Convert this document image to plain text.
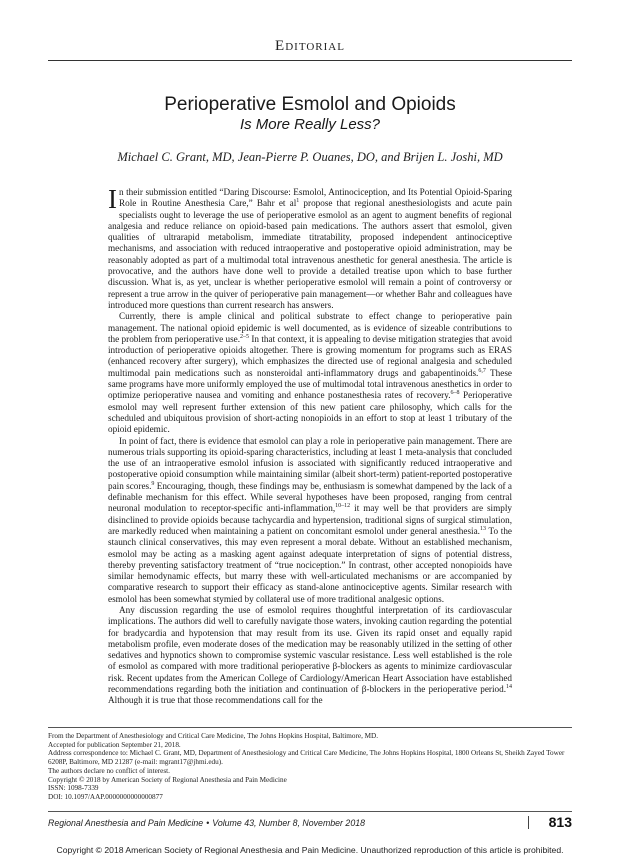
Editorial
Perioperative Esmolol and Opioids
Is More Really Less?
Michael C. Grant, MD, Jean-Pierre P. Ouanes, DO, and Brijen L. Joshi, MD

In their submission entitled “Daring Discourse: Esmolol, Antinociception, and Its Potential Opioid-Sparing Role in Routine Anesthesia Care,” Bahr et $al^1$ propose that regional anesthesiologists and acute pain specialists ought to leverage the use of perioperative esmolol as an agent to augment benefits of regional analgesia and reduce reliance on opioid-based pain medications. The authors assert that esmolol, given qualities of ultrarapid metabolism, immediate titratability, proposed independent antinociceptive mechanisms, and association with reduced intraoperative and postoperative opioid administration, may be reasonably adopted as part of a multimodal total intravenous anesthetic for general anesthesia. The article is provocative, and the authors have done well to provide a detailed treatise upon which to base further discussion. What is, as yet, unclear is whether perioperative esmolol will remain a point of controversy or represent a true arrow in the quiver of perioperative pain management—or whether Bahr and colleagues have introduced more questions than current research has answers.

Currently, there is ample clinical and political substrate to effect change to perioperative pain management. The national opioid epidemic is well documented, as is evidence of sizeable contributions to the problem from perioperative use.$^{2-5}$ In that context, it is appealing to devise mitigation strategies that avoid introduction of perioperative opioids altogether. There is growing momentum for programs such as ERAS (enhanced recovery after surgery), which emphasizes the directed use of regional analgesia and scheduled multimodal pain medications such as nonsteroidal anti-inflammatory drugs and gabapentinoids.$^{6,7}$ These same programs have more uniformly employed the use of multimodal total intravenous anesthetics in order to optimize perioperative nausea and vomiting and enhance postanesthesia rates of recovery.$^{6-8}$ Perioperative esmolol may well represent further extension of this new patient care philosophy, which calls for the scheduled and ubiquitous provision of short-acting nonopioids in an effort to stop at least 1 tributary of the opioid epidemic.

In point of fact, there is evidence that esmolol can play a role in perioperative pain management. There are numerous trials supporting its opioid-sparing characteristics, including at least 1 meta-analysis that concluded the use of an intraoperative esmolol infusion is associated with significantly reduced intraoperative and postoperative opioid consumption while maintaining similar (albeit short-term) patient-reported postoperative pain scores.$^9$ Encouraging, though, these findings may be, enthusiasm is somewhat dampened by the lack of a definable mechanism for this effect. While several hypotheses have been proposed, ranging from central neuronal modulation to receptor-specific anti-inflammation,$^{10-12}$ it may well be that providers are simply disinclined to provide opioids because tachycardia and hypertension, traditional signs of surgical stimulation, are markedly reduced when maintaining a patient on concomitant esmolol under general anesthesia.$^{13}$ To the staunch clinical conservatives, this may even represent a moral debate. Without an established mechanism, esmolol may be acting as a masking agent against adequate interpretation of signs of potential distress, thereby preventing satisfactory treatment of “true nociception.” In contrast, other accepted nonopioids have similar hemodynamic effects, but marry these with well-articulated mechanisms or are accompanied by comparative research to support their efficacy as stand-alone antinociceptive agents. Similar research with esmolol has been somewhat stymied by collateral use of more traditional analgesic options.

Any discussion regarding the use of esmolol requires thoughtful interpretation of its cardiovascular implications. The authors did well to carefully navigate those waters, invoking caution regarding the potential for bradycardia and hypotension that may result from its use. Given its rapid onset and equally rapid metabolism profile, even moderate doses of the medication may be reasonably utilized in the setting of other sedatives and hypnotics shown to compromise systemic vascular resistance. Less well established is the role of esmolol as compared with more traditional perioperative β-blockers as agents to minimize cardiovascular risk. Recent updates from the American College of Cardiology/American Heart Association have established recommendations regarding both the initiation and continuation of β-blockers in the perioperative period.$^{14}$ Although it is true that those recommendations call for the

From the Department of Anesthesiology and Critical Care Medicine, The Johns Hopkins Hospital, Baltimore, MD.
Accepted for publication September 21, 2018.
Address correspondence to: Michael C. Grant, MD, Department of Anesthesiology and Critical Care Medicine, The Johns Hopkins Hospital, 1800 Orleans St, Sheikh Zayed Tower 6208P, Baltimore, MD 21287 (e-mail: mgrant17@jhmi.edu).
The authors declare no conflict of interest.
Copyright © 2018 by American Society of Regional Anesthesia and Pain Medicine
ISSN: 1098-7339
DOI: 10.1097/AAP.0000000000000877
Regional Anesthesia and Pain Medicine • Volume 43, Number 8, November 2018	813
Copyright © 2018 American Society of Regional Anesthesia and Pain Medicine. Unauthorized reproduction of this article is prohibited.
